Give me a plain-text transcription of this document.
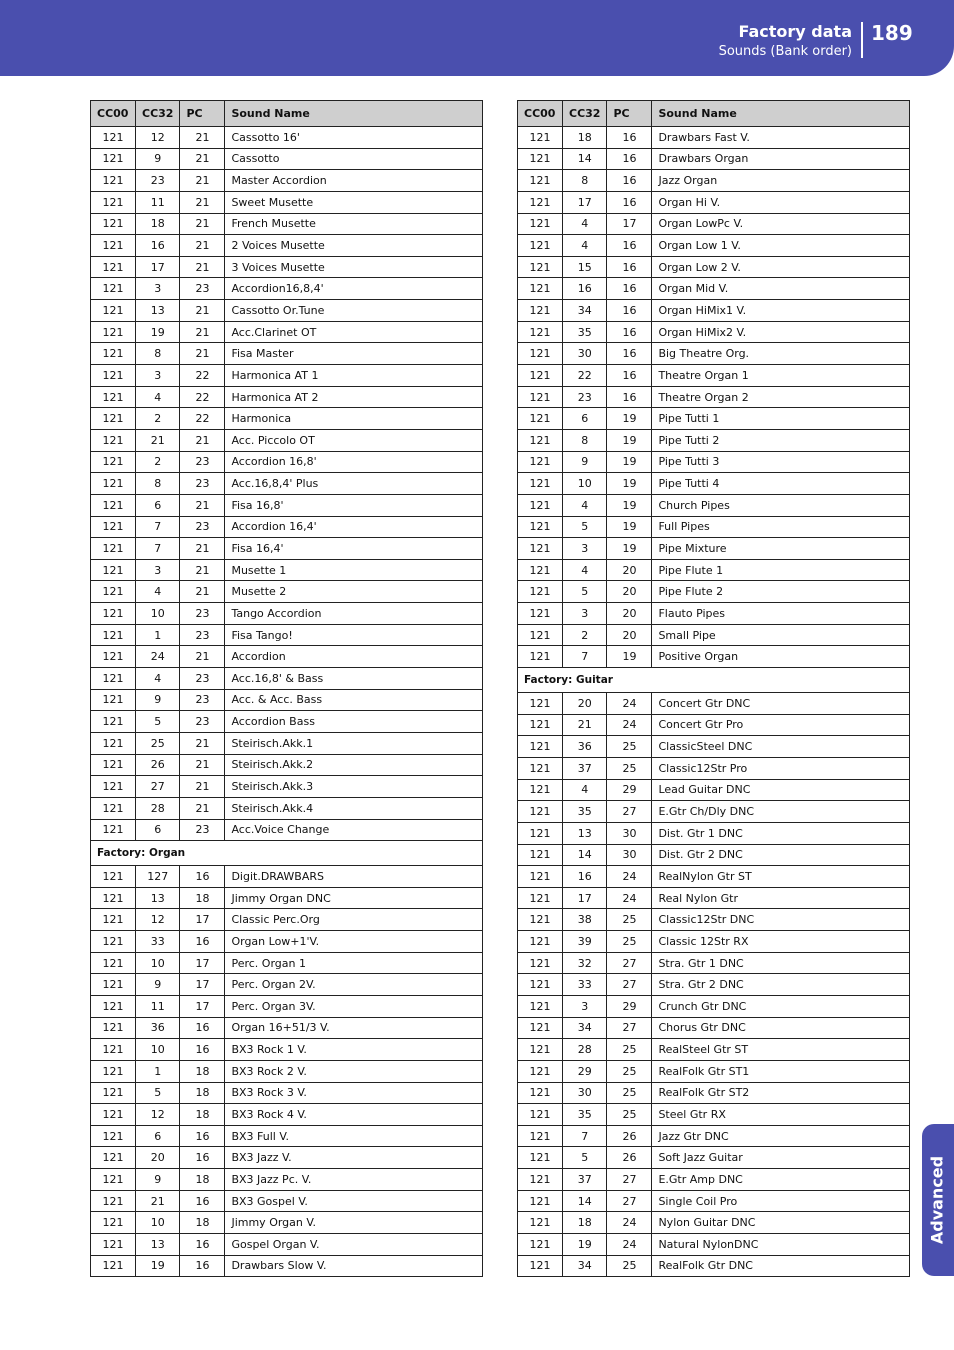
Factory data
Sounds (Bank order)
189
Advanced
CC00	CC32	PC	Sound Name
121	12	21	Cassotto 16'
121	9	21	Cassotto
121	23	21	Master Accordion
121	11	21	Sweet Musette
121	18	21	French Musette
121	16	21	2 Voices Musette
121	17	21	3 Voices Musette
121	3	23	Accordion16,8,4'
121	13	21	Cassotto Or.Tune
121	19	21	Acc.Clarinet OT
121	8	21	Fisa Master
121	3	22	Harmonica AT 1
121	4	22	Harmonica AT 2
121	2	22	Harmonica
121	21	21	Acc. Piccolo OT
121	2	23	Accordion 16,8'
121	8	23	Acc.16,8,4' Plus
121	6	21	Fisa 16,8'
121	7	23	Accordion 16,4'
121	7	21	Fisa 16,4'
121	3	21	Musette 1
121	4	21	Musette 2
121	10	23	Tango Accordion
121	1	23	Fisa Tango!
121	24	21	Accordion
121	4	23	Acc.16,8' & Bass
121	9	23	Acc. & Acc. Bass
121	5	23	Accordion Bass
121	25	21	Steirisch.Akk.1
121	26	21	Steirisch.Akk.2
121	27	21	Steirisch.Akk.3
121	28	21	Steirisch.Akk.4
121	6	23	Acc.Voice Change
Factory: Organ			
121	127	16	Digit.DRAWBARS
121	13	18	Jimmy Organ DNC
121	12	17	Classic Perc.Org
121	33	16	Organ Low+1'V.
121	10	17	Perc. Organ 1
121	9	17	Perc. Organ 2V.
121	11	17	Perc. Organ 3V.
121	36	16	Organ 16+51/3 V.
121	10	16	BX3 Rock 1 V.
121	1	18	BX3 Rock 2 V.
121	5	18	BX3 Rock 3 V.
121	12	18	BX3 Rock 4 V.
121	6	16	BX3 Full V.
121	20	16	BX3 Jazz V.
121	9	18	BX3 Jazz Pc. V.
121	21	16	BX3 Gospel V.
121	10	18	Jimmy Organ V.
121	13	16	Gospel Organ V.
121	19	16	Drawbars Slow V.
CC00	CC32	PC	Sound Name
121	18	16	Drawbars Fast V.
121	14	16	Drawbars Organ
121	8	16	Jazz Organ
121	17	16	Organ Hi V.
121	4	17	Organ LowPc V.
121	4	16	Organ Low 1 V.
121	15	16	Organ Low 2 V.
121	16	16	Organ Mid V.
121	34	16	Organ HiMix1 V.
121	35	16	Organ HiMix2 V.
121	30	16	Big Theatre Org.
121	22	16	Theatre Organ 1
121	23	16	Theatre Organ 2
121	6	19	Pipe Tutti 1
121	8	19	Pipe Tutti 2
121	9	19	Pipe Tutti 3
121	10	19	Pipe Tutti 4
121	4	19	Church Pipes
121	5	19	Full Pipes
121	3	19	Pipe Mixture
121	4	20	Pipe Flute 1
121	5	20	Pipe Flute 2
121	3	20	Flauto Pipes
121	2	20	Small Pipe
121	7	19	Positive Organ
Factory: Guitar			
121	20	24	Concert Gtr DNC
121	21	24	Concert Gtr Pro
121	36	25	ClassicSteel DNC
121	37	25	Classic12Str Pro
121	4	29	Lead Guitar DNC
121	35	27	E.Gtr Ch/Dly DNC
121	13	30	Dist. Gtr 1 DNC
121	14	30	Dist. Gtr 2 DNC
121	16	24	RealNylon Gtr ST
121	17	24	Real Nylon Gtr
121	38	25	Classic12Str DNC
121	39	25	Classic 12Str RX
121	32	27	Stra. Gtr 1 DNC
121	33	27	Stra. Gtr 2 DNC
121	3	29	Crunch Gtr DNC
121	34	27	Chorus Gtr DNC
121	28	25	RealSteel Gtr ST
121	29	25	RealFolk Gtr ST1
121	30	25	RealFolk Gtr ST2
121	35	25	Steel Gtr RX
121	7	26	Jazz Gtr DNC
121	5	26	Soft Jazz Guitar
121	37	27	E.Gtr Amp DNC
121	14	27	Single Coil Pro
121	18	24	Nylon Guitar DNC
121	19	24	Natural NylonDNC
121	34	25	RealFolk Gtr DNC
